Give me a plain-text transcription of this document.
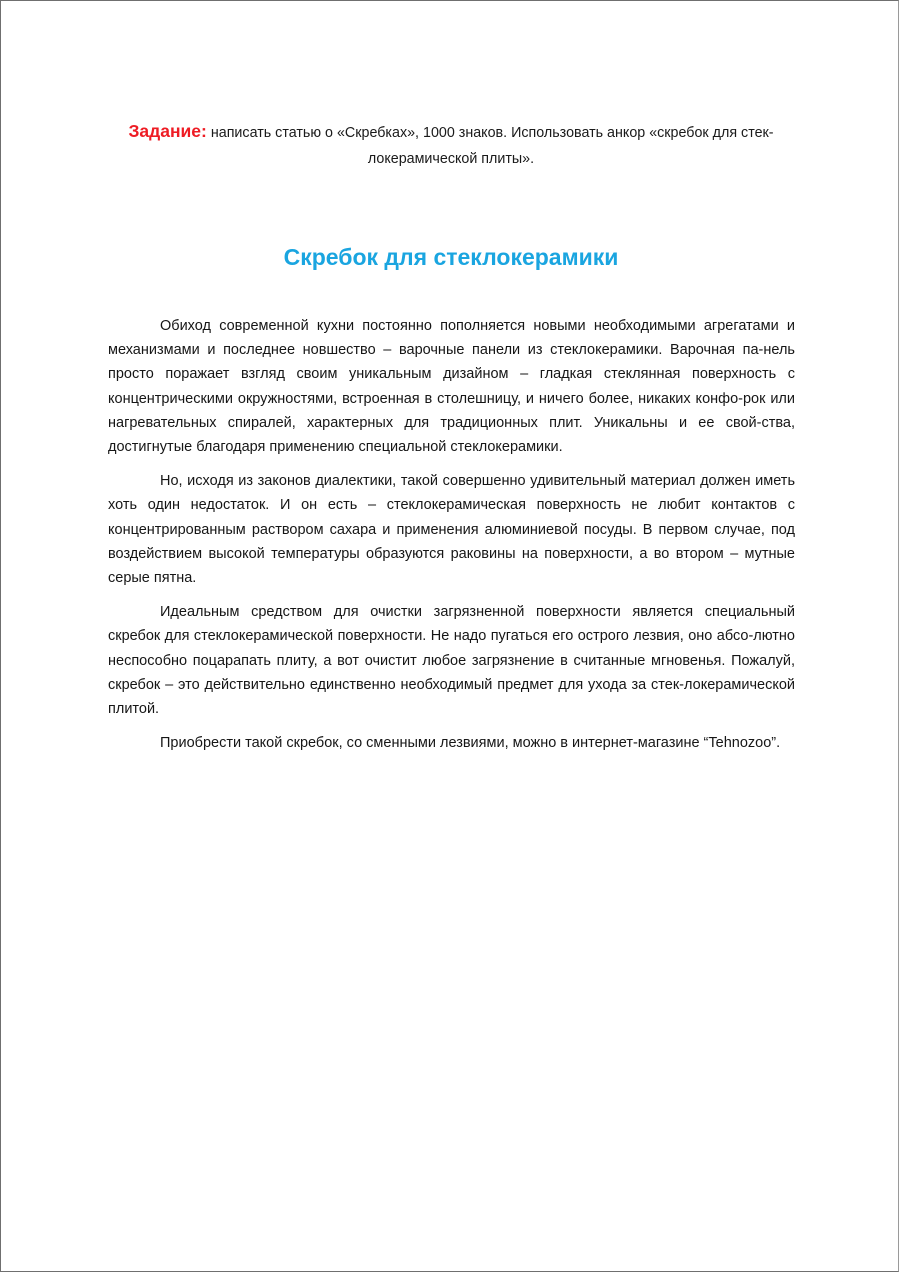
Задание: написать статью о «Скребках», 1000 знаков. Использовать анкор «скребок для стек-локерамической плиты».
Скребок для стеклокерамики

Обиход современной кухни постоянно пополняется новыми необходимыми агрегатами и механизмами и последнее новшество – варочные панели из стеклокерамики. Варочная па-нель просто поражает взгляд своим уникальным дизайном – гладкая стеклянная поверхность с концентрическими окружностями, встроенная в столешницу, и ничего более, никаких конфо-рок или нагревательных спиралей, характерных для традиционных плит. Уникальны и ее свой-ства, достигнутые благодаря применению специальной стеклокерамики.

Но, исходя из законов диалектики, такой совершенно удивительный материал должен иметь хоть один недостаток. И он есть – стеклокерамическая поверхность не любит контактов с концентрированным раствором сахара и применения алюминиевой посуды. В первом случае, под воздействием высокой температуры образуются раковины на поверхности, а во втором – мутные серые пятна.

Идеальным средством для очистки загрязненной поверхности является специальный скребок для стеклокерамической поверхности. Не надо пугаться его острого лезвия, оно абсо-лютно неспособно поцарапать плиту, а вот очистит любое загрязнение в считанные мгновенья. Пожалуй, скребок – это действительно единственно необходимый предмет для ухода за стек-локерамической плитой.

Приобрести такой скребок, со сменными лезвиями, можно в интернет-магазине “Tehnozoo”.
